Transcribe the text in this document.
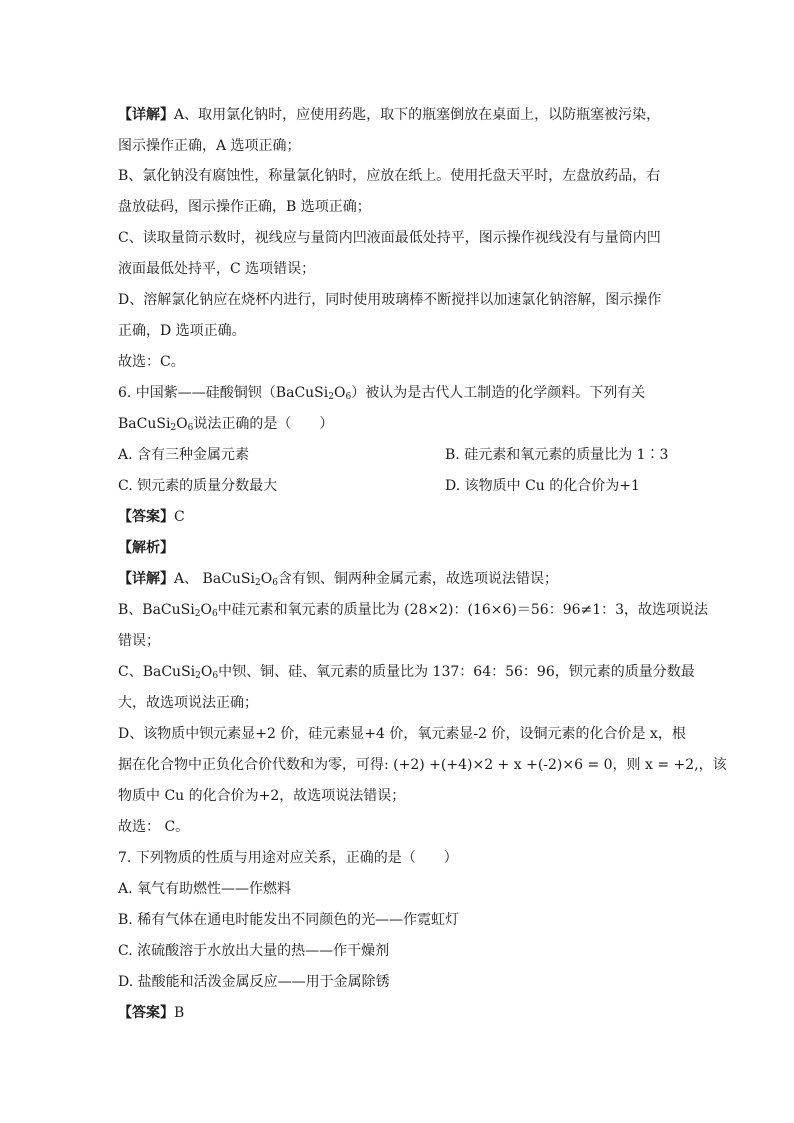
【详解】A、取用氯化钠时，应使用药匙，取下的瓶塞倒放在桌面上，以防瓶塞被污染，
图示操作正确，A 选项正确；
B、氯化钠没有腐蚀性，称量氯化钠时，应放在纸上。使用托盘天平时，左盘放药品，右
盘放砝码，图示操作正确，B 选项正确；
C、读取量筒示数时，视线应与量筒内凹液面最低处持平，图示操作视线没有与量筒内凹
液面最低处持平，C 选项错误；
D、溶解氯化钠应在烧杯内进行，同时使用玻璃棒不断搅拌以加速氯化钠溶解，图示操作
正确，D 选项正确。
故选：C。
6. 中国紫——硅酸铜钡$(BaCuSi_2O_6)$被认为是古代人工制造的化学颜料。下列有关
$BaCuSi_2O_6$说法正确的是（　　）
A. 含有三种金属元素	B. 硅元素和氧元素的质量比为 1∶3
C. 钡元素的质量分数最大	D. 该物质中 Cu 的化合价为+1
【答案】C
【解析】
【详解】A、 $BaCuSi_2O_6$含有钡、铜两种金属元素，故选项说法错误；
B、$BaCuSi_2O_6$中硅元素和氧元素的质量比为 (28×2)：(16×6)＝56：96≠1：3，故选项说法
错误；
C、$BaCuSi_2O_6$中钡、铜、硅、氧元素的质量比为 137：64：56：96，钡元素的质量分数最
大，故选项说法正确；
D、该物质中钡元素显+2 价，硅元素显+4 价，氧元素显-2 价，设铜元素的化合价是 x，根
据在化合物中正负化合价代数和为零，可得: (+2) +(+4)×2 + x +(-2)×6 = 0，则 x = +2,，该
物质中 Cu 的化合价为+2，故选项说法错误；
故选： C。
7. 下列物质的性质与用途对应关系，正确的是（　　）
A. 氧气有助燃性——作燃料
B. 稀有气体在通电时能发出不同颜色的光——作霓虹灯
C. 浓硫酸溶于水放出大量的热——作干燥剂
D. 盐酸能和活泼金属反应——用于金属除锈
【答案】B
